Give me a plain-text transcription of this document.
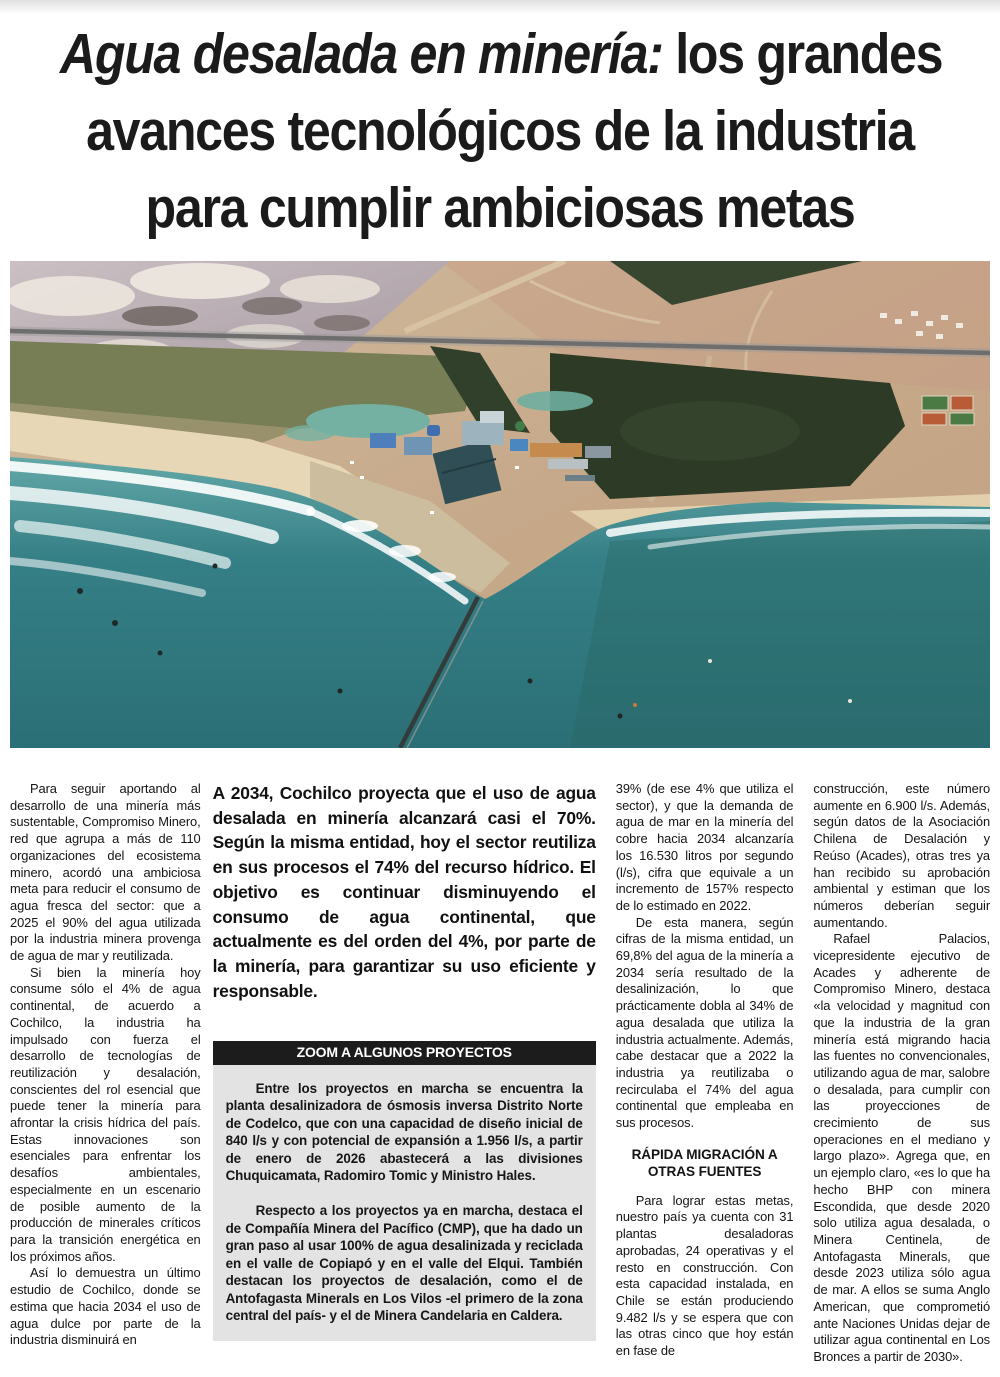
Agua desalada en minería: los grandes
avances tecnológicos de la industria
para cumplir ambiciosas metas

Para seguir aportando al desarrollo de una minería más sustentable, Compromiso Minero, red que agrupa a más de 110 organizaciones del ecosistema minero, acordó una ambiciosa meta para reducir el consumo de agua fresca del sector: que a 2025 el 90% del agua utilizada por la industria minera provenga de agua de mar y reutilizada.

Si bien la minería hoy consume sólo el 4% de agua continental, de acuerdo a Cochilco, la industria ha impulsado con fuerza el desarrollo de tecnologías de reutilización y desalación, conscientes del rol esencial que puede tener la minería para afrontar la crisis hídrica del país. Estas innovaciones son esenciales para enfrentar los desafíos ambientales, especialmente en un escenario de posible aumento de la producción de minerales críticos para la transición energética en los próximos años.

Así lo demuestra un último estudio de Cochilco, donde se estima que hacia 2034 el uso de agua dulce por parte de la industria disminuirá en

A 2034, Cochilco proyecta que el uso de agua desalada en minería alcanzará casi el 70%. Según la misma entidad, hoy el sector reutiliza en sus procesos el 74% del recurso hídrico. El objetivo es continuar disminuyendo el consumo de agua continental, que actualmente es del orden del 4%, por parte de la minería, para garantizar su uso eficiente y responsable.

ZOOM A ALGUNOS PROYECTOS

Entre los proyectos en marcha se encuentra la planta desalinizadora de ósmosis inversa Distrito Norte de Codelco, que con una capacidad de diseño inicial de 840 l/s y con potencial de expansión a 1.956 l/s, a partir de enero de 2026 abastecerá a las divisiones Chuquicamata, Radomiro Tomic y Ministro Hales.

Respecto a los proyectos ya en marcha, destaca el de Compañía Minera del Pacífico (CMP), que ha dado un gran paso al usar 100% de agua desalinizada y reciclada en el valle de Copiapó y en el valle del Elqui. También destacan los proyectos de desalación, como el de Antofagasta Minerals en Los Vilos -el primero de la zona central del país- y el de Minera Candelaria en Caldera.

39% (de ese 4% que utiliza el sector), y que la demanda de agua de mar en la minería del cobre hacia 2034 alcanzaría los 16.530 litros por segundo (l/s), cifra que equivale a un incremento de 157% respecto de lo estimado en 2022.

De esta manera, según cifras de la misma entidad, un 69,8% del agua de la minería a 2034 sería resultado de la desalinización, lo que prácticamente dobla al 34% de agua desalada que utiliza la industria actualmente. Además, cabe destacar que a 2022 la industria ya reutilizaba o recirculaba el 74% del agua continental que empleaba en sus procesos.

RÁPIDA MIGRACIÓN A OTRAS FUENTES

Para lograr estas metas, nuestro país ya cuenta con 31 plantas desaladoras aprobadas, 24 operativas y el resto en construcción. Con esta capacidad instalada, en Chile se están produciendo 9.482 l/s y se espera que con las otras cinco que hoy están en fase de

construcción, este número aumente en 6.900 l/s. Además, según datos de la Asociación Chilena de Desalación y Reúso (Acades), otras tres ya han recibido su aprobación ambiental y estiman que los números deberían seguir aumentando.

Rafael Palacios, vicepresidente ejecutivo de Acades y adherente de Compromiso Minero, destaca «la velocidad y magnitud con que la industria de la gran minería está migrando hacia las fuentes no convencionales, utilizando agua de mar, salobre o desalada, para cumplir con las proyecciones de crecimiento de sus operaciones en el mediano y largo plazo». Agrega que, en un ejemplo claro, «es lo que ha hecho BHP con minera Escondida, que desde 2020 solo utiliza agua desalada, o Minera Centinela, de Antofagasta Minerals, que desde 2023 utiliza sólo agua de mar. A ellos se suma Anglo American, que comprometió ante Naciones Unidas dejar de utilizar agua continental en Los Bronces a partir de 2030».
